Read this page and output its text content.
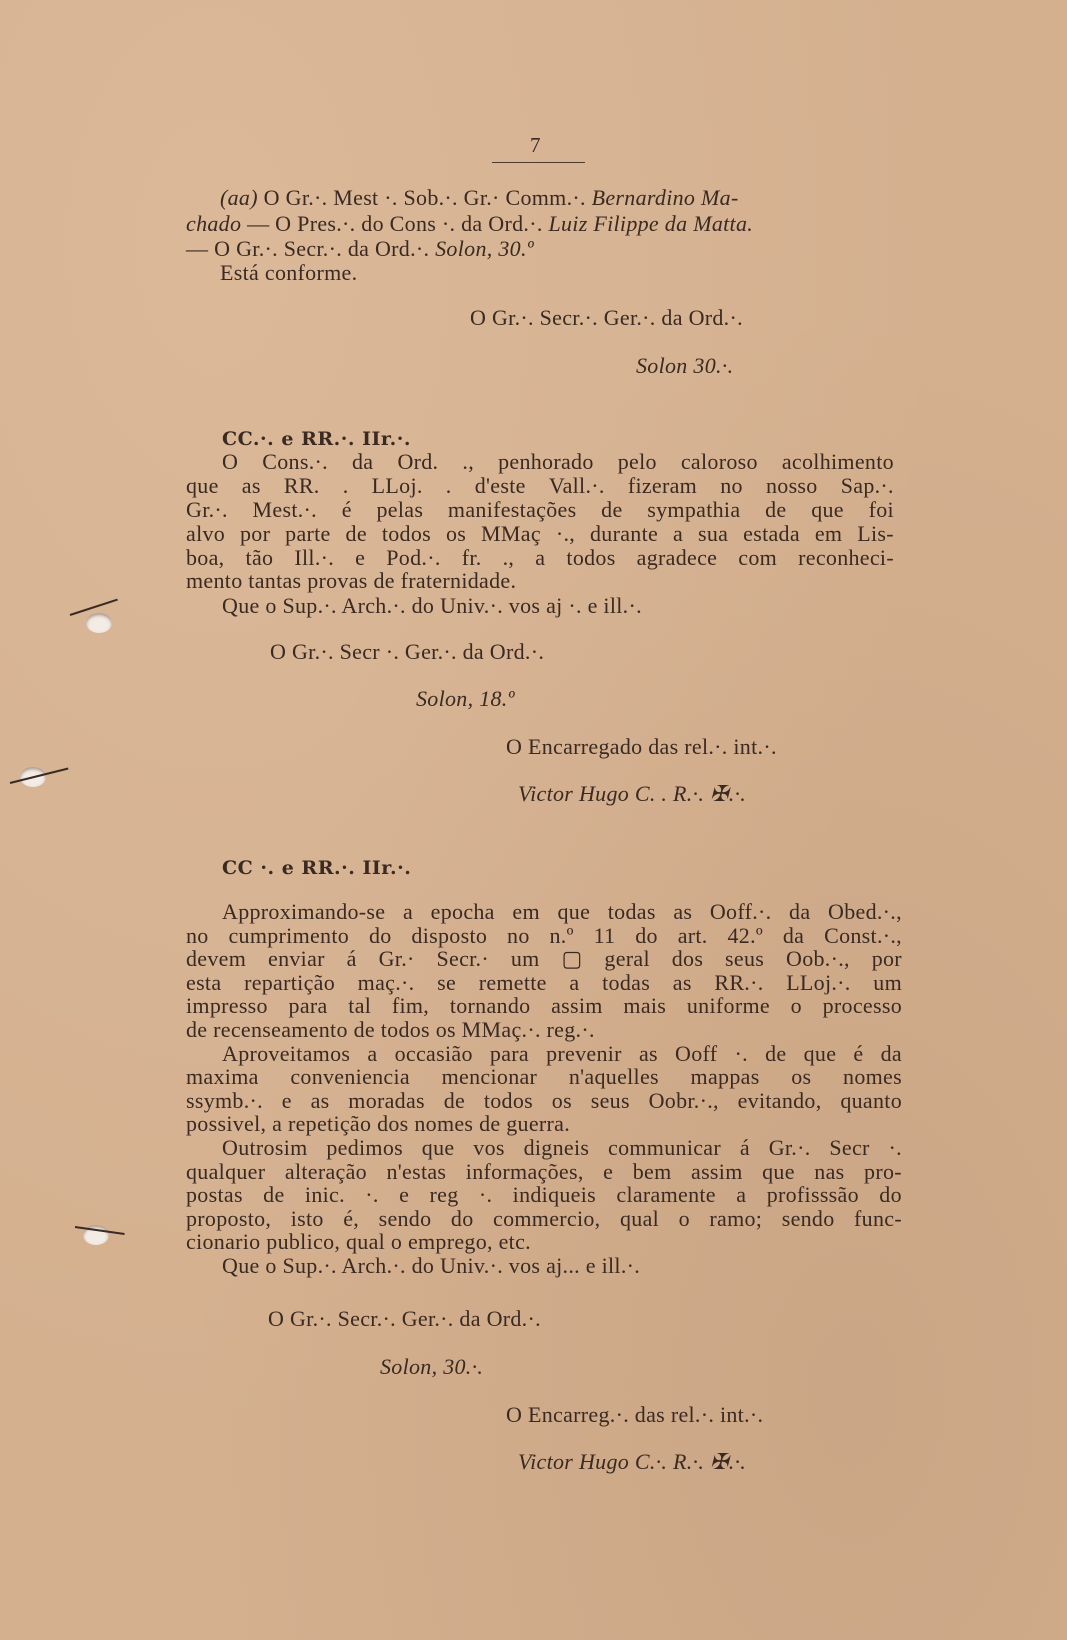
7
(aa) O Gr.·. Mest ·. Sob.·. Gr.· Comm.·. Bernardino Ma-
chado — O Pres.·. do Cons ·. da Ord.·. Luiz Filippe da Matta.
— O Gr.·. Secr.·. da Ord.·. Solon, 30.º
Está conforme.
O Gr.·. Secr.·. Ger.·. da Ord.·.
Solon 30.·.
CC.·. e RR.·. IIr.·.
O Cons.·. da Ord. ., penhorado pelo caloroso acolhimento
que as RR. . LLoj. . d'este Vall.·. fizeram no nosso Sap.·.
Gr.·. Mest.·. é pelas manifestações de sympathia de que foi
alvo por parte de todos os MMaç ·., durante a sua estada em Lis-
boa, tão Ill.·. e Pod.·. fr. ., a todos agradece com reconheci-
mento tantas provas de fraternidade.
Que o Sup.·. Arch.·. do Univ.·. vos aj ·. e ill.·.
O Gr.·. Secr ·. Ger.·. da Ord.·.
Solon, 18.º
O Encarregado das rel.·. int.·.
Victor Hugo C. . R.·. ✠.·.
CC ·. e RR.·. IIr.·.
Approximando-se a epocha em que todas as Ooff.·. da Obed.·.,
no cumprimento do disposto no n.º 11 do art. 42.º da Const.·.,
devem enviar á Gr.· Secr.· um ▢ geral dos seus Oob.·., por
esta repartição maç.·. se remette a todas as RR.·. LLoj.·. um
impresso para tal fim, tornando assim mais uniforme o processo
de recenseamento de todos os MMaç.·. reg.·.
Aproveitamos a occasião para prevenir as Ooff ·. de que é da
maxima conveniencia mencionar n'aquelles mappas os nomes
ssymb.·. e as moradas de todos os seus Oobr.·., evitando, quanto
possivel, a repetição dos nomes de guerra.
Outrosim pedimos que vos digneis communicar á Gr.·. Secr ·.
qualquer alteração n'estas informações, e bem assim que nas pro-
postas de inic. ·. e reg ·. indiqueis claramente a profisssão do
proposto, isto é, sendo do commercio, qual o ramo; sendo func-
cionario publico, qual o emprego, etc.
Que o Sup.·. Arch.·. do Univ.·. vos aj... e ill.·.
O Gr.·. Secr.·. Ger.·. da Ord.·.
Solon, 30.·.
O Encarreg.·. das rel.·. int.·.
Victor Hugo C.·. R.·. ✠.·.
